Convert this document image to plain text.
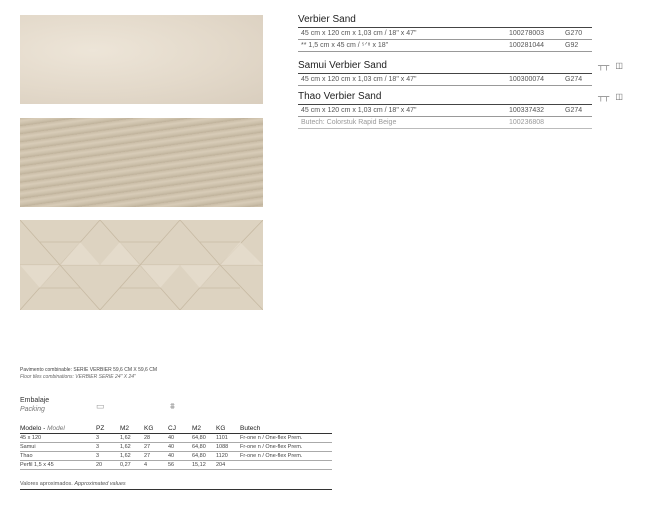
Verbier Sand
45 cm x 120 cm x 1,03 cm / 18" x 47"	100278003	G270
** 1,5 cm x 45 cm / ⁵ᐟ⁸ x 18"	100281044	G92
Samui Verbier Sand
45 cm x 120 cm x 1,03 cm / 18" x 47"	100300074	G274
┬┬ ◫
Thao Verbier Sand
45 cm x 120 cm x 1,03 cm / 18" x 47"	100337432	G274
Butech: Colorstuk Rapid Beige	100236808
┬┬ ◫
Pavimento combinable: SERIE VERBIER 59,6 CM X 59,6 CM
Floor tiles combinations: VERBIER SERIE 24" X 24"
Embalaje
Packing	▭	⩩
Modelo - Model	PZ	M2	KG	CJ	M2	KG	Butech
45 x 120	3	1,62	28	40	64,80	1101	Fr-one n / One-flex Prem.
Samui	3	1,62	27	40	64,80	1088	Fr-one n / One-flex Prem.
Thao	3	1,62	27	40	64,80	1120	Fr-one n / One-flex Prem.
Perfil 1,5 x 45	20	0,27	4	56	15,12	204	
Valores aproximados. Approximated values
